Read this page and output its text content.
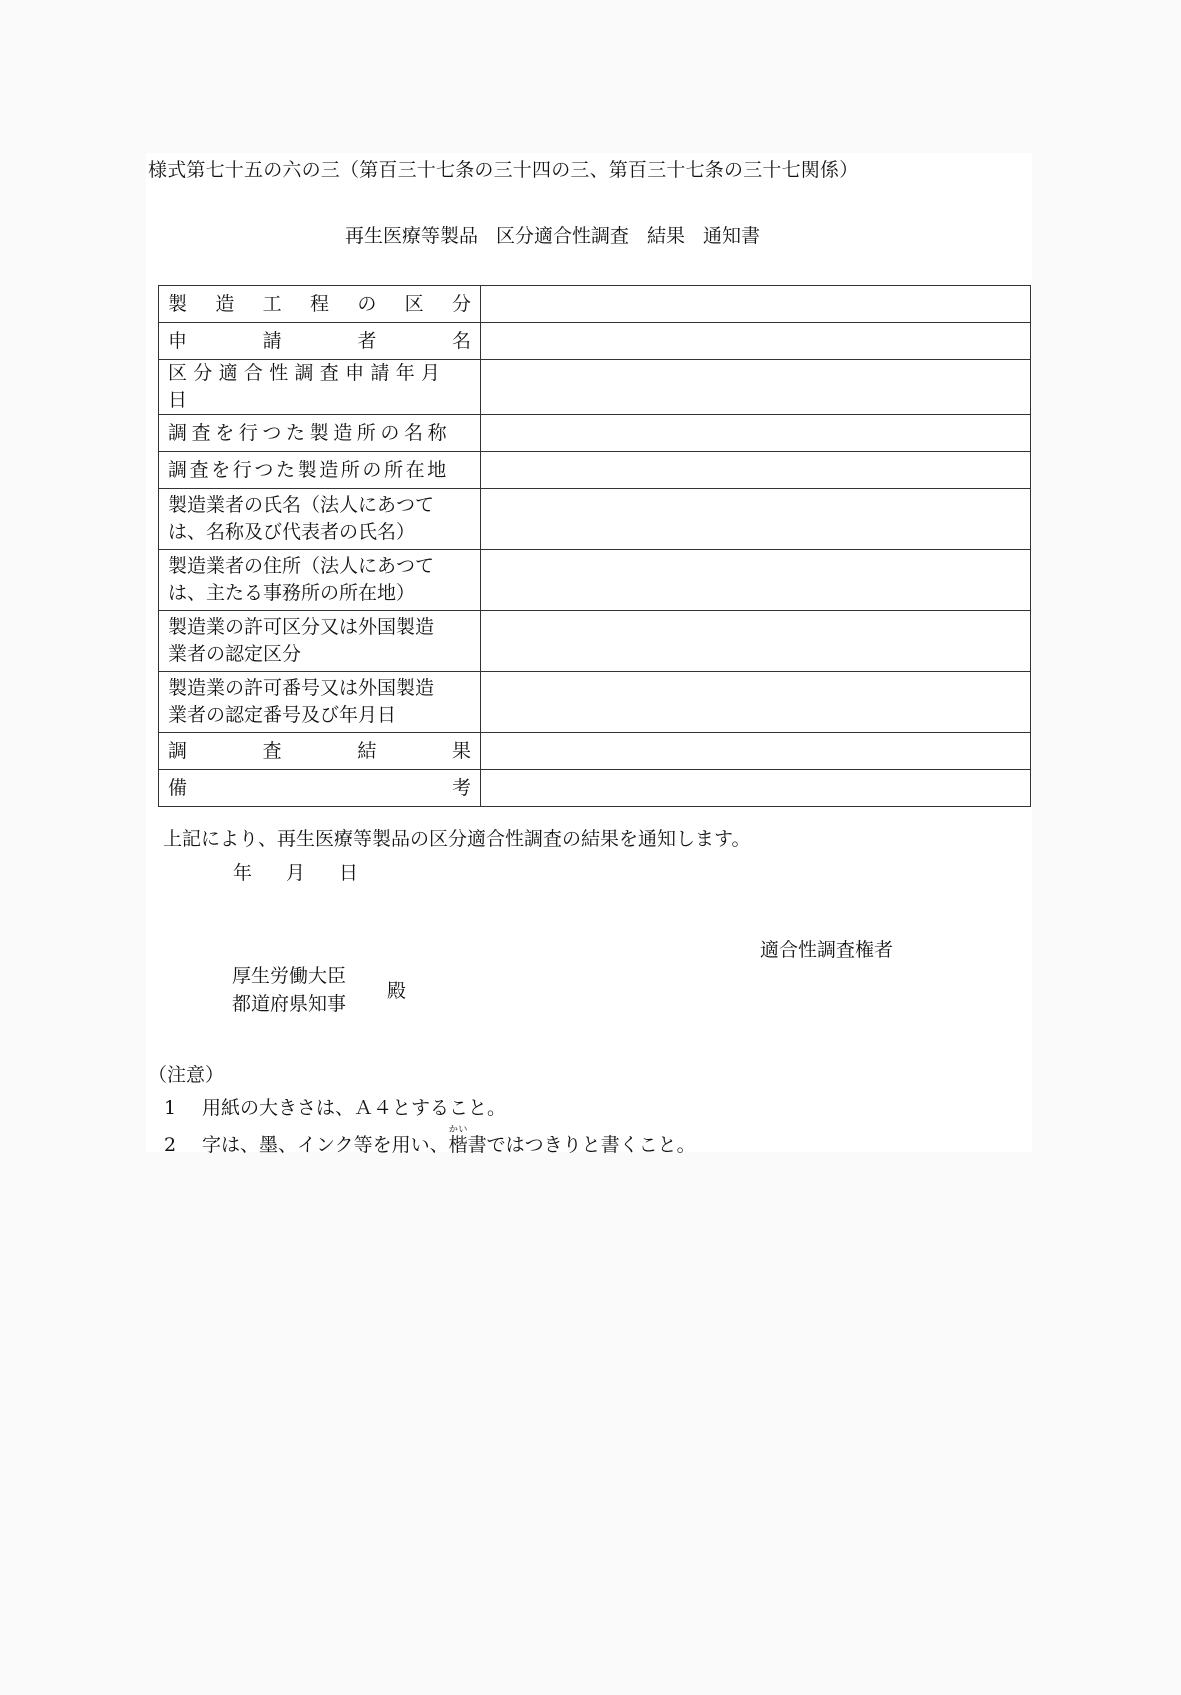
様式第七十五の六の三（第百三十七条の三十四の三、第百三十七条の三十七関係）
再生医療等製品 区分適合性調査 結果 通知書
製 造 工 程 の 区 分

申 請 者 名	

区分適合性調査申請年月日	
調査を行つた製造所の名称	
調査を行つた製造所の所在地	

製造業者の氏名（法人にあつて
は、名称及び代表者の氏名）	

製造業者の住所（法人にあつて
は、主たる事務所の所在地）	

製造業の許可区分又は外国製造
業者の認定区分	

製造業の許可番号又は外国製造
業者の認定番号及び年月日	

調 査 結 果	

備 考	

上記により、再生医療等製品の区分適合性調査の結果を通知します。
年 月 日
適合性調査権者
厚生労働大臣
都道府県知事
殿
（注意）
1 用紙の大きさは、Ａ４とすること。
2 字は、墨、インク等を用い、楷かい書ではつきりと書くこと。
